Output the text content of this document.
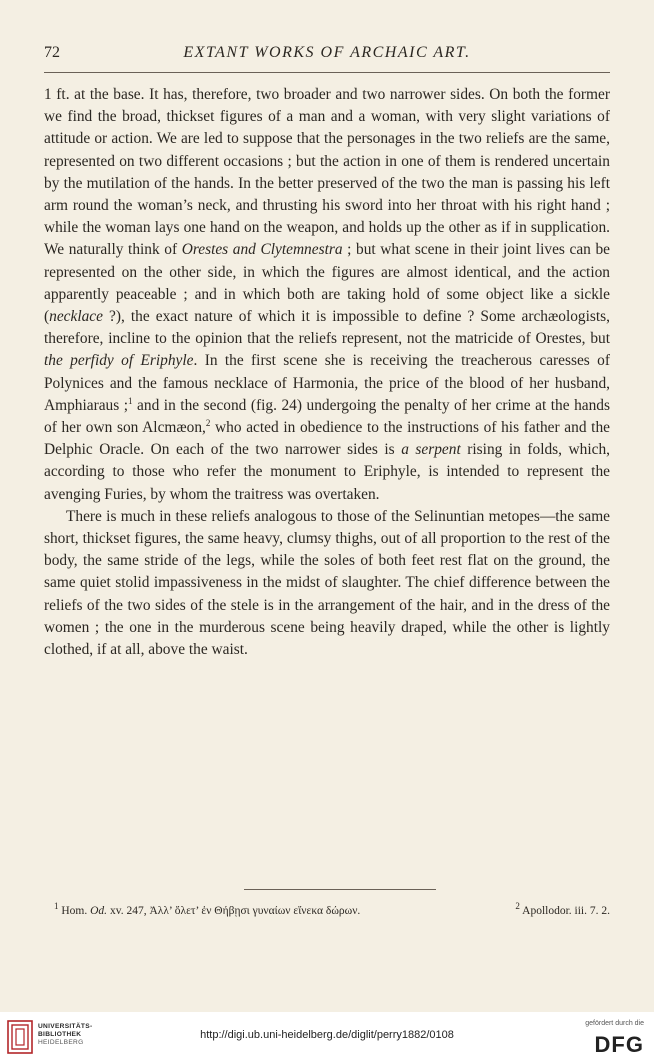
72	EXTANT WORKS OF ARCHAIC ART.

1 ft. at the base. It has, therefore, two broader and two narrower sides. On both the former we find the broad, thickset figures of a man and a woman, with very slight variations of attitude or action. We are led to suppose that the personages in the two reliefs are the same, represented on two different occasions ; but the action in one of them is rendered uncertain by the mutilation of the hands. In the better preserved of the two the man is passing his left arm round the woman’s neck, and thrusting his sword into her throat with his right hand ; while the woman lays one hand on the weapon, and holds up the other as if in supplication. We naturally think of Orestes and Clytemnestra ; but what scene in their joint lives can be represented on the other side, in which the figures are almost identical, and the action apparently peaceable ; and in which both are taking hold of some object like a sickle (necklace ?), the exact nature of which it is impossible to define ? Some archæologists, therefore, incline to the opinion that the reliefs represent, not the matricide of Orestes, but the perfidy of Eriphyle. In the first scene she is receiving the treacherous caresses of Polynices and the famous necklace of Harmonia, the price of the blood of her husband, Amphiaraus ;$^1$ and in the second (fig. 24) undergoing the penalty of her crime at the hands of her own son Alcmæon,$^2$ who acted in obedience to the instructions of his father and the Delphic Oracle. On each of the two narrower sides is a serpent rising in folds, which, according to those who refer the monument to Eriphyle, is intended to represent the avenging Furies, by whom the traitress was overtaken.

There is much in these reliefs analogous to those of the Selinuntian metopes—the same short, thickset figures, the same heavy, clumsy thighs, out of all proportion to the rest of the body, the same stride of the legs, while the soles of both feet rest flat on the ground, the same quiet stolid impassiveness in the midst of slaughter. The chief difference between the reliefs of the two sides of the stele is in the arrangement of the hair, and in the dress of the women ; the one in the murderous scene being heavily draped, while the other is lightly clothed, if at all, above the waist.

$^1$ Hom. Od. xv. 247, Ἀλλ’ ὄλετ’ ἐν Θήβῃσι γυναίων εἵνεκα δώρων.	$^2$ Apollodor. iii. 7. 2.
UNIVERSITÄTS-
BIBLIOTHEK
HEIDELBERG
http://digi.ub.uni-heidelberg.de/diglit/perry1882/0108
gefördert durch die
DFG
